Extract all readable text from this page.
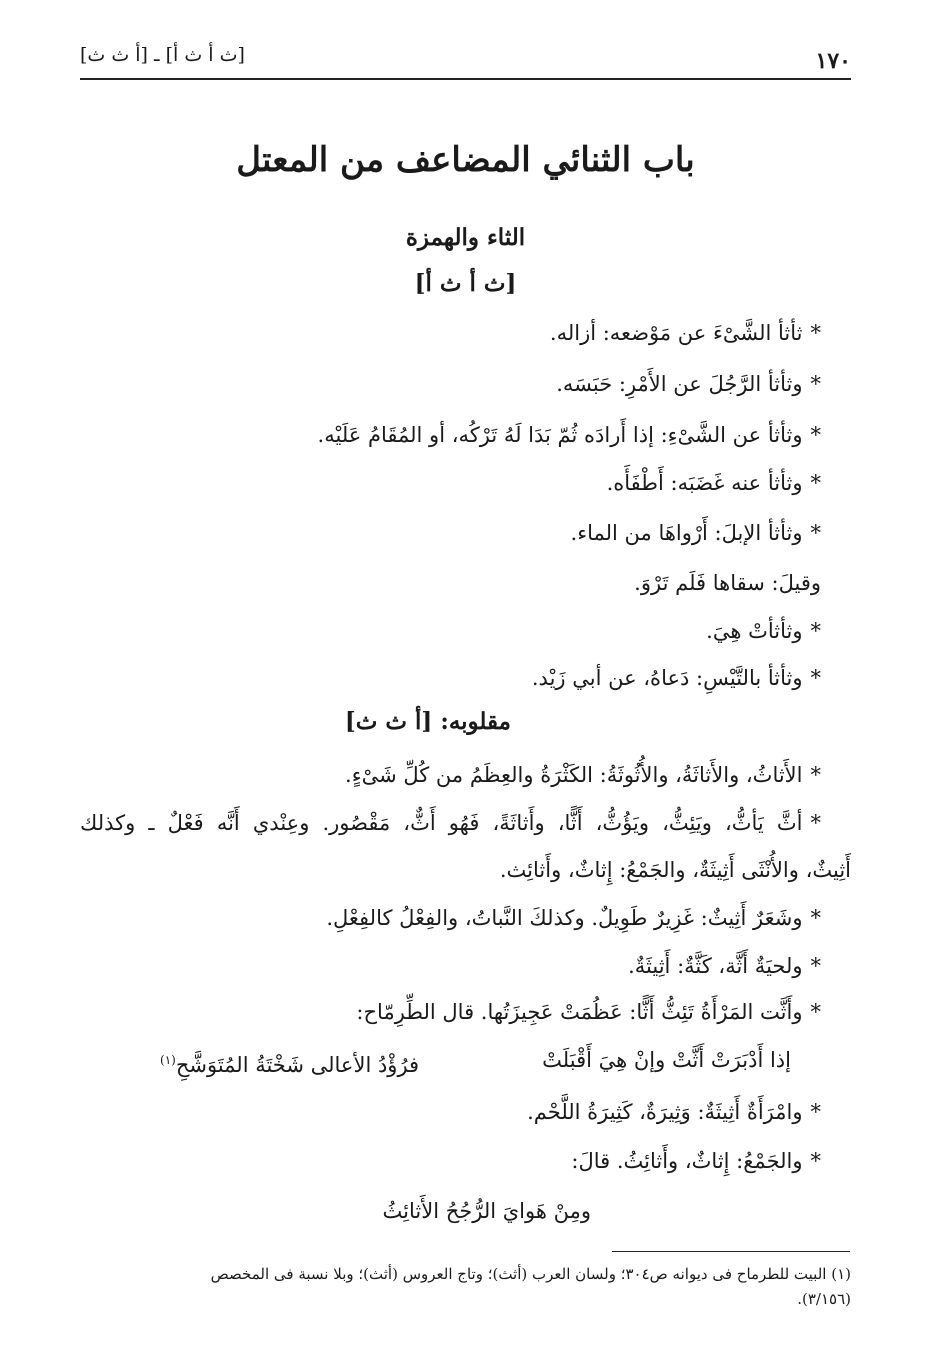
١٧٠
[ث أ ث أ] ـ [أ ث ث]
باب الثنائي المضاعف من المعتل
الثاء والهمزة
[ث أ ث أ]
*ثأثأ الشَّىْءَ عن مَوْضعه: أزاله.
*وثأثأ الرَّجُلَ عن الأَمْرِ: حَبَسَه.
*وثأثأ عن الشَّىْءِ: إذا أَرادَه ثُمّ بَدَا لَهُ تَرْكُه، أو المُقَامُ عَلَيْه.
*وثأثأ عنه غَضَبَه: أَطْفَأَه.
*وثأثأ الإبلَ: أَرْواهَا من الماء.
وقيلَ: سقاها فَلَم تَرْوَ.
*وثأثأتْ هِيَ.
*وثأثأ بالتَّيْسِ: دَعاهُ، عن أبي زَيْد.
مقلوبه: [أ ث ث]
*الأَثاثُ، والأَثاثَةُ، والأُثُوثَةُ: الكَثْرَةُ والعِظَمُ من كُلِّ شَىْءٍ.
*أثَّ يَأثُّ، ويَئِثُّ، ويَؤُثُّ، أَثًّا، وأَثاثَةً، فَهُو أَثٌّ، مَقْصُور. وعِنْدي أَنَّه فَعْلٌ ـ وكذلك
أَثِيثٌ، والأُنْثَى أَثِيثَةٌ، والجَمْعُ: إِثاثٌ، وأَثائِث.
*وشَعَرٌ أَثِيثٌ: غَزِيرٌ طَوِيلٌ. وكذلكَ النَّباتُ، والفِعْلُ كالفِعْلِ.
*ولحيَةٌ أَثَّة، كَثَّةٌ: أَثِيثَةٌ.
*وأَثَّت المَرْأَةُ تَئِثُّ أَثًّا: عَظُمَتْ عَجِيزَتُها. قال الطِّرِمّاح:
إذا أَدْبَرَتْ أَثَّتْ وإنْ هِيَ أَقْبَلَتْ
فرُؤْدُ الأعالى شَخْتَةُ المُتَوَشَّحِ$^{(١)}$
*وامْرَأَةٌ أَثِيثَةٌ: وَثِيرَةٌ، كَثِيرَةُ اللَّحْم.
*والجَمْعُ: إِثاثٌ، وأَثائِثُ. قالَ:
ومِنْ هَوايَ الرُّجُحُ الأَثائِثُ
(١) البيت للطرماح فى ديوانه ص٣٠٤؛ ولسان العرب (أثث)؛ وتاج العروس (أثث)؛ وبلا نسبة فى المخصص
(٣/١٥٦).
